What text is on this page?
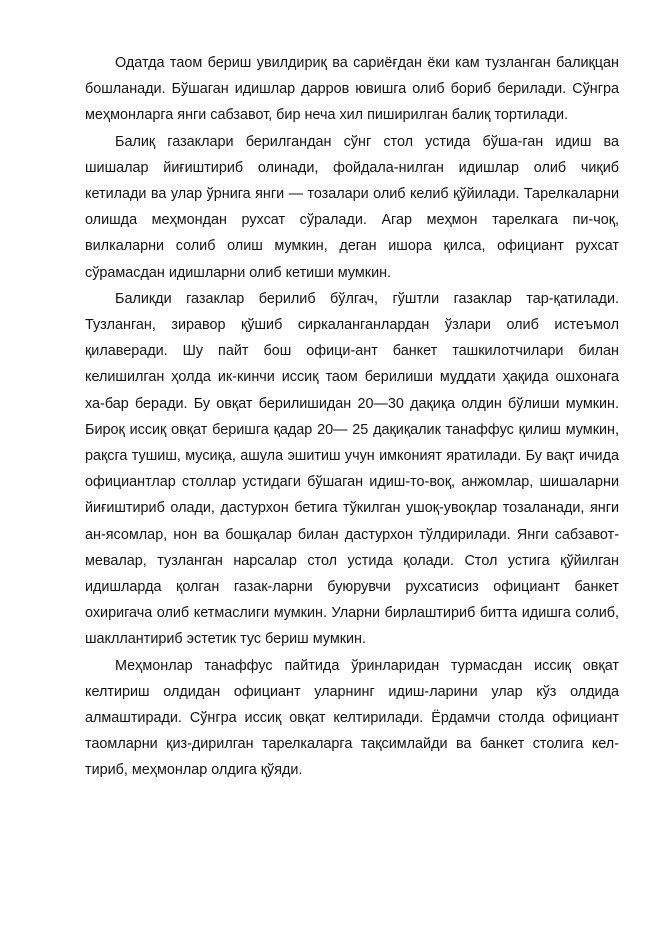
Одатда таом бериш увилдириқ ва сариёғдан ёки кам тузланган балиқцан бошланади. Бўшаган идишлар дарров ювишга олиб бориб берилади. Сўнгра меҳмонларга янги сабзавот, бир неча хил пиширилган балиқ тортилади.

Балиқ газаклари берилгандан сўнг стол устида бўша-ган идиш ва шишалар йиғиштириб олинади, фойдала-нилган идишлар олиб чиқиб кетилади ва улар ўрнига янги — тозалари олиб келиб қўйилади. Тарелкаларни олишда меҳмондан рухсат сўралади. Агар меҳмон тарелкага пи-чоқ, вилкаларни солиб олиш мумкин, деган ишора қилса, официант рухсат сўрамасдан идишларни олиб кетиши мумкин.

Баликди газаклар берилиб бўлгач, гўштли газаклар тар-қатилади. Тузланган, зиравор қўшиб сиркаланганлардан ўзлари олиб истеъмол қилаверади. Шу пайт бош офици-ант банкет ташкилотчилари билан келишилган ҳолда ик-кинчи иссиқ таом берилиши муддати ҳақида ошхонага ха-бар беради. Бу овқат берилишидан 20—30 дақиқа олдин бўлиши мумкин. Бироқ иссиқ овқат беришга қадар 20— 25 дақиқалик танаффус қилиш мумкин, рақсга тушиш, мусиқа, ашула эшитиш учун имконият яратилади. Бу вақт ичида официантлар столлар устидаги бўшаган идиш-то-воқ, анжомлар, шишаларни йиғиштириб олади, дастурхон бетига тўкилган ушоқ-увоқлар тозаланади, янги ан-ясомлар, нон ва бошқалар билан дастурхон тўлдирилади. Янги сабзавот-мевалар, тузланган нарсалар стол устида қолади. Стол устига қўйилган идишларда қолган газак-ларни буюрувчи рухсатисиз официант банкет охиригача олиб кетмаслиги мумкин. Уларни бирлаштириб битта идишга солиб, шакллантириб эстетик тус бериш мумкин.

Меҳмонлар танаффус пайтида ўринларидан турмасдан иссиқ овқат келтириш олдидан официант уларнинг идиш-ларини улар кўз олдида алмаштиради. Сўнгра иссиқ овқат келтирилади. Ёрдамчи столда официант таомларни қиз-дирилган тарелкаларга тақсимлайди ва банкет столига кел-тириб, меҳмонлар олдига қўяди.
